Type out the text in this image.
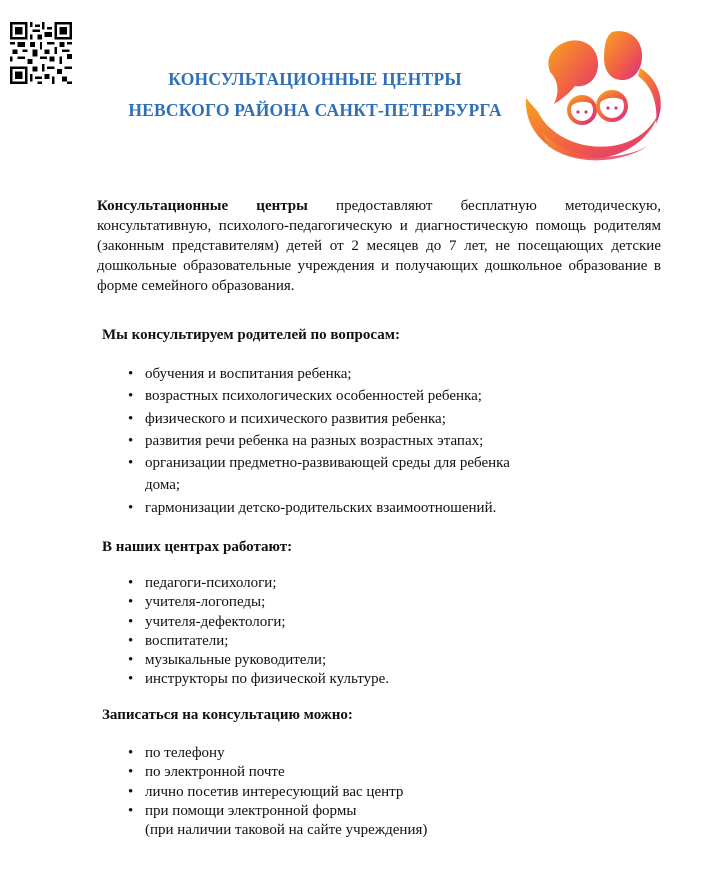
КОНСУЛЬТАЦИОННЫЕ ЦЕНТРЫ
НЕВСКОГО РАЙОНА САНКТ-ПЕТЕРБУРГА
Консультационные центры предоставляют бесплатную методическую, консультативную, психолого-педагогическую и диагностическую помощь родителям (законным представителям) детей от 2 месяцев до 7 лет, не посещающих детские дошкольные образовательные учреждения и получающих дошкольное образование в форме семейного образования.
Мы консультируем родителей по вопросам:
• обучения и воспитания ребенка;
• возрастных психологических особенностей ребенка;
• физического и психического развития ребенка;
• развития речи ребенка на разных возрастных этапах;
• организации предметно-развивающей среды для ребенка
дома;
• гармонизации детско-родительских взаимоотношений.
В наших центрах работают:
• педагоги-психологи;
• учителя-логопеды;
• учителя-дефектологи;
• воспитатели;
• музыкальные руководители;
• инструкторы по физической культуре.
Записаться на консультацию можно:
• по телефону
• по электронной почте
• лично посетив интересующий вас центр
• при помощи электронной формы
(при наличии таковой на сайте учреждения)
